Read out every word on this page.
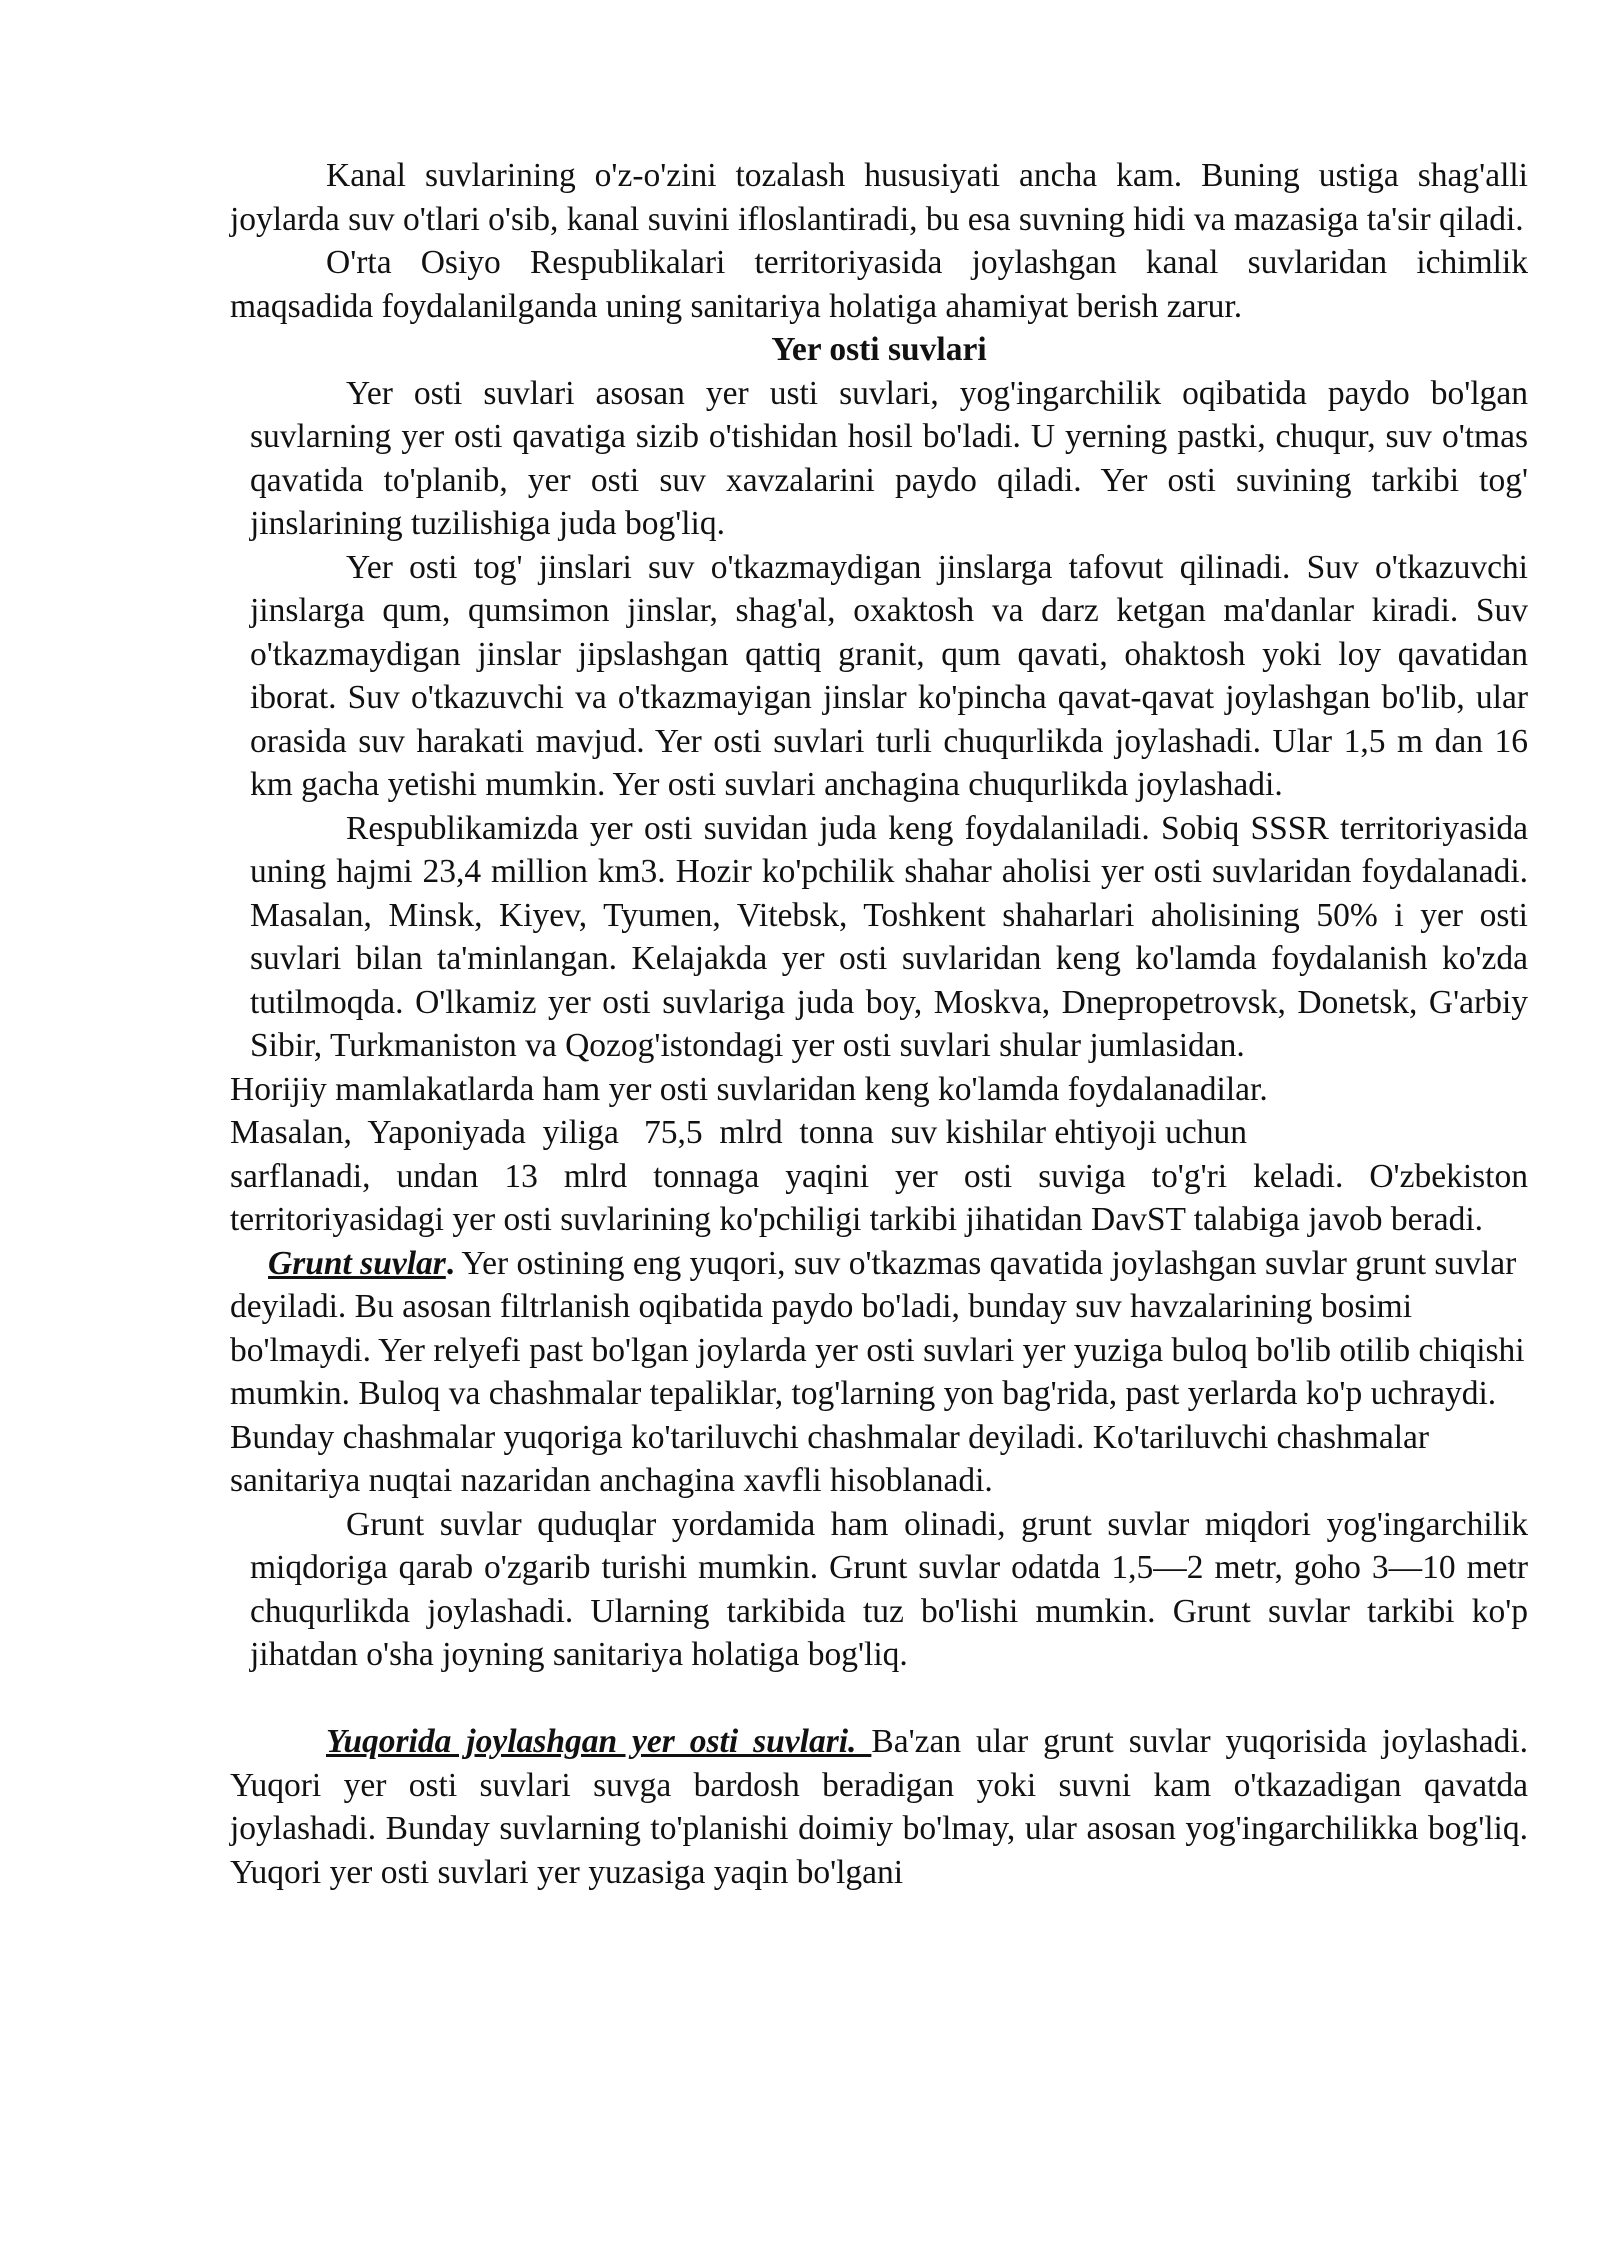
Kanal suvlarining o'z-o'zini tozalash hususiyati ancha kam. Buning ustiga shag'alli joylarda suv o'tlari o'sib, kanal suvini ifloslantiradi, bu esa suvning hidi va mazasiga ta'sir qiladi.

O'rta Osiyo Respublikalari territoriyasida joylashgan kanal suvlaridan ichimlik maqsadida foydalanilganda uning sanitariya holatiga ahamiyat berish zarur.

Yer osti suvlari

Yer osti suvlari asosan yer usti suvlari, yog'ingarchilik oqibatida paydo bo'lgan suvlarning yer osti qavatiga sizib o'tishidan hosil bo'ladi. U yerning pastki, chuqur, suv o'tmas qavatida to'planib, yer osti suv xavzalarini paydo qiladi. Yer osti suvining tarkibi tog' jinslarining tuzilishiga juda bog'liq.

Yer osti tog' jinslari suv o'tkazmaydigan jinslarga tafovut qilinadi. Suv o'tkazuvchi jinslarga qum, qumsimon jinslar, shag'al, oxaktosh va darz ketgan ma'danlar kiradi. Suv o'tkazmaydigan jinslar jipslashgan qattiq granit, qum qavati, ohaktosh yoki loy qavatidan iborat. Suv o'tkazuvchi va o'tkazmayigan jinslar ko'pincha qavat-qavat joylashgan bo'lib, ular orasida suv harakati mavjud. Yer osti suvlari turli chuqurlikda joylashadi. Ular 1,5 m dan 16 km gacha yetishi mumkin. Yer osti suvlari anchagina chuqurlikda joylashadi.

Respublikamizda yer osti suvidan juda keng foydalaniladi. Sobiq SSSR territoriyasida uning hajmi 23,4 million km3. Hozir ko'pchilik shahar aholisi yer osti suvlaridan foydalanadi. Masalan, Minsk, Kiyev, Tyumen, Vitebsk, Toshkent shaharlari aholisining 50% i yer osti suvlari bilan ta'minlangan. Kelajakda yer osti suvlaridan keng ko'lamda foydalanish ko'zda tutilmoqda. O'lkamiz yer osti suvlariga juda boy, Moskva, Dnepropetrovsk, Donetsk, G'arbiy Sibir, Turkmaniston va Qozog'istondagi yer osti suvlari shular jumlasidan.

Horijiy mamlakatlarda ham yer osti suvlaridan keng ko'lamda foydalanadilar.

Masalan,  Yaponiyada  yiliga   75,5  mlrd  tonna  suv kishilar ehtiyoji uchun

sarflanadi, undan 13 mlrd tonnaga yaqini yer osti suviga to'g'ri keladi. O'zbekiston territoriyasidagi yer osti suvlarining ko'pchiligi tarkibi jihatidan DavST talabiga javob beradi.

Grunt suvlar. Yer ostining eng yuqori, suv o'tkazmas qavatida joylashgan suvlar grunt suvlar deyiladi. Bu asosan filtrlanish oqibatida paydo bo'ladi, bunday suv havzalarining bosimi bo'lmaydi. Yer relyefi past bo'lgan joylarda yer osti suvlari yer yuziga buloq bo'lib otilib chiqishi mumkin. Buloq va chashmalar tepaliklar, tog'larning yon bag'rida, past yerlarda ko'p uchraydi. Bunday chashmalar yuqoriga ko'tariluvchi chashmalar deyiladi. Ko'tariluvchi chashmalar sanitariya nuqtai nazaridan anchagina xavfli hisoblanadi.

Grunt suvlar quduqlar yordamida ham olinadi, grunt suvlar miqdori yog'ingarchilik miqdoriga qarab o'zgarib turishi mumkin. Grunt suvlar odatda 1,5—2 metr, goho 3—10 metr chuqurlikda joylashadi. Ularning tarkibida tuz bo'lishi mumkin. Grunt suvlar tarkibi ko'p jihatdan o'sha joyning sanitariya holatiga bog'liq.

Yuqorida joylashgan yer osti suvlari. Ba'zan ular grunt suvlar yuqorisida joylashadi. Yuqori yer osti suvlari suvga bardosh beradigan yoki suvni kam o'tkazadigan qavatda joylashadi. Bunday suvlarning to'planishi doimiy bo'lmay, ular asosan yog'ingarchilikka bog'liq. Yuqori yer osti suvlari yer yuzasiga yaqin bo'lgani
